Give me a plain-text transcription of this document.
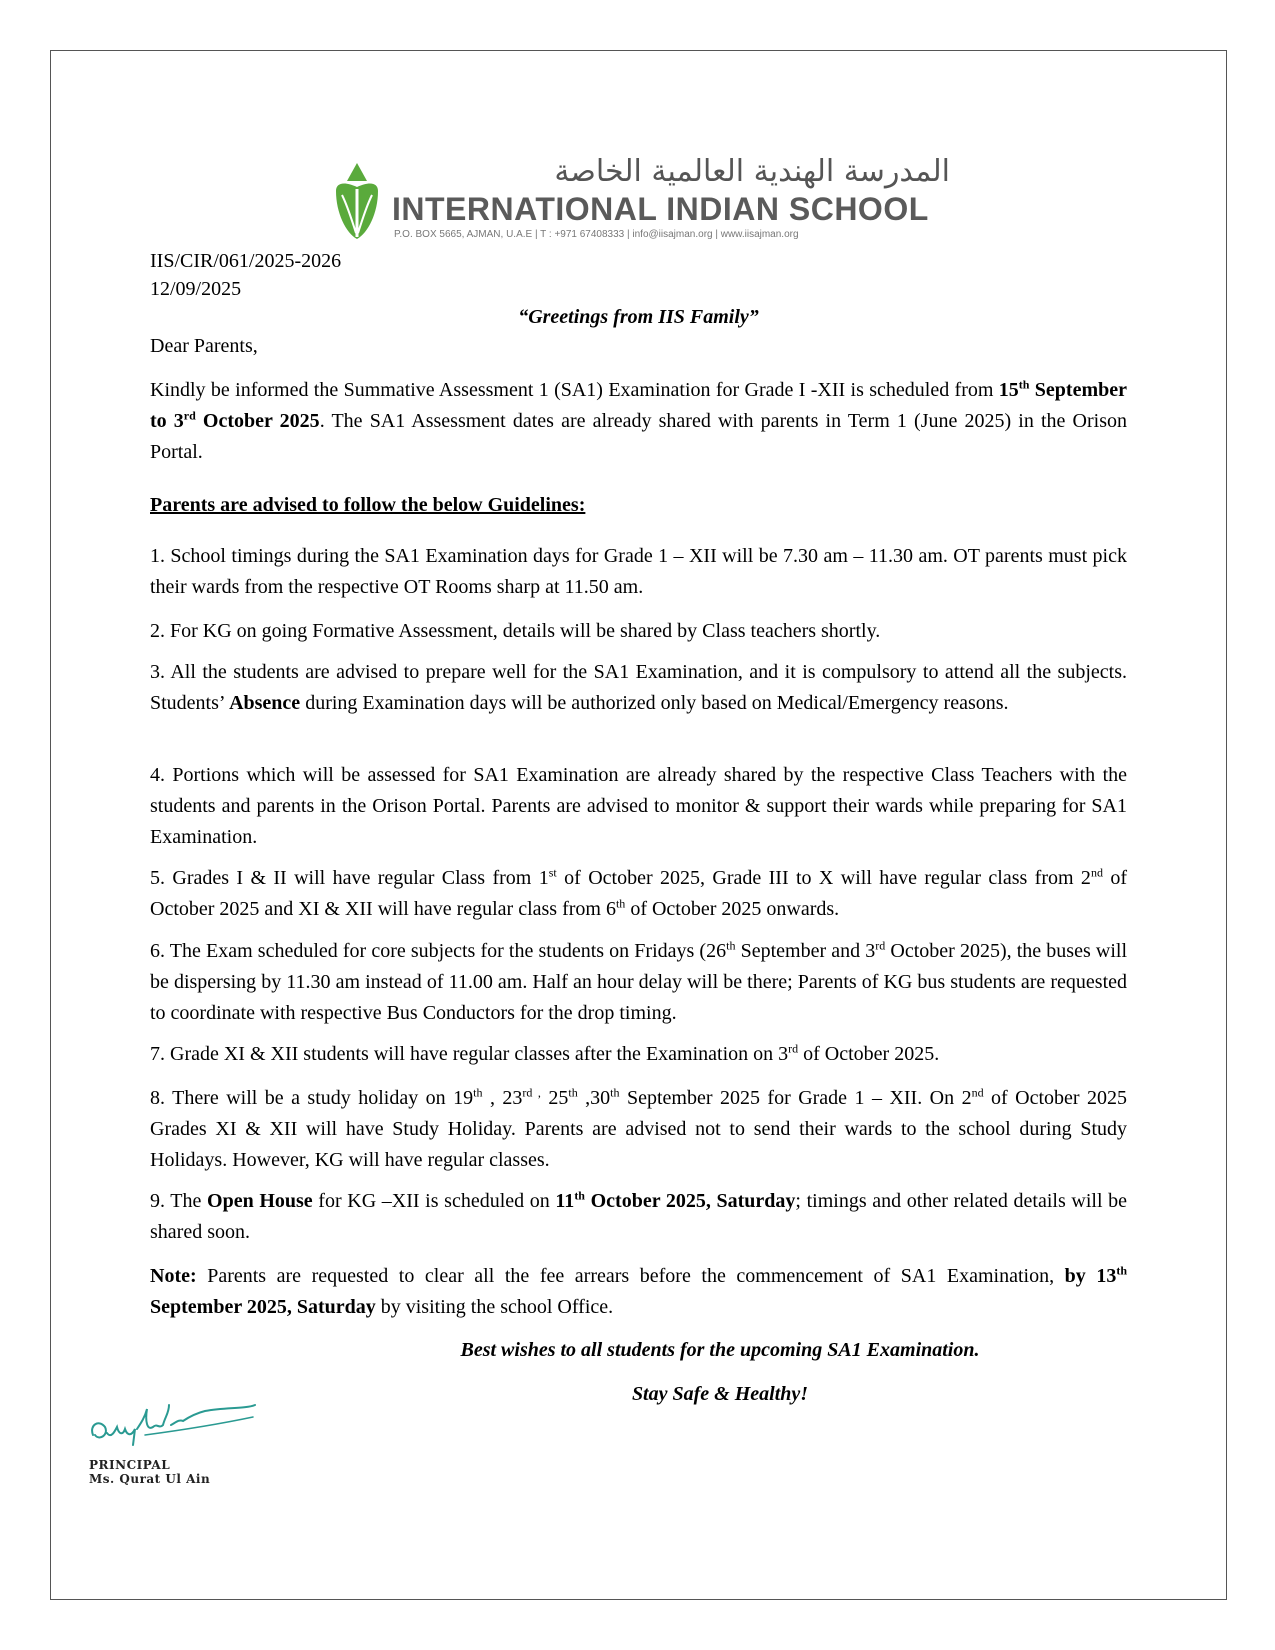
المدرسة الهندية العالمية الخاصة
INTERNATIONAL INDIAN SCHOOL
P.O. BOX 5665, AJMAN, U.A.E | T : +971 67408333 | info@iisajman.org | www.iisajman.org
IIS/CIR/061/2025-2026
12/09/2025
“Greetings from IIS Family”
Dear Parents,
Kindly be informed the Summative Assessment 1 (SA1) Examination for Grade I -XII is scheduled from 15th September to 3rd October 2025. The SA1 Assessment dates are already shared with parents in Term 1 (June 2025) in the Orison Portal.
Parents are advised to follow the below Guidelines:
1. School timings during the SA1 Examination days for Grade 1 – XII will be 7.30 am – 11.30 am. OT parents must pick their wards from the respective OT Rooms sharp at 11.50 am.
2. For KG on going Formative Assessment, details will be shared by Class teachers shortly.
3. All the students are advised to prepare well for the SA1 Examination, and it is compulsory to attend all the subjects. Students’ Absence during Examination days will be authorized only based on Medical/Emergency reasons.
4. Portions which will be assessed for SA1 Examination are already shared by the respective Class Teachers with the students and parents in the Orison Portal. Parents are advised to monitor & support their wards while preparing for SA1 Examination.
5. Grades I & II will have regular Class from 1st of October 2025, Grade III to X will have regular class from 2nd of October 2025 and XI & XII will have regular class from 6th of October 2025 onwards.
6. The Exam scheduled for core subjects for the students on Fridays (26th September and 3rd October 2025), the buses will be dispersing by 11.30 am instead of 11.00 am. Half an hour delay will be there; Parents of KG bus students are requested to coordinate with respective Bus Conductors for the drop timing.
7. Grade XI & XII students will have regular classes after the Examination on 3rd of October 2025.
8. There will be a study holiday on 19th , $23^{rd ,}$ 25th ,30th September 2025 for Grade 1 – XII. On 2nd of October 2025 Grades XI & XII will have Study Holiday. Parents are advised not to send their wards to the school during Study Holidays. However, KG will have regular classes.
9. The Open House for KG –XII is scheduled on 11th October 2025, Saturday; timings and other related details will be shared soon.
Note: Parents are requested to clear all the fee arrears before the commencement of SA1 Examination, by 13th September 2025, Saturday by visiting the school Office.
Best wishes to all students for the upcoming SA1 Examination.
Stay Safe & Healthy!
PRINCIPAL
Ms. Qurat Ul Ain
